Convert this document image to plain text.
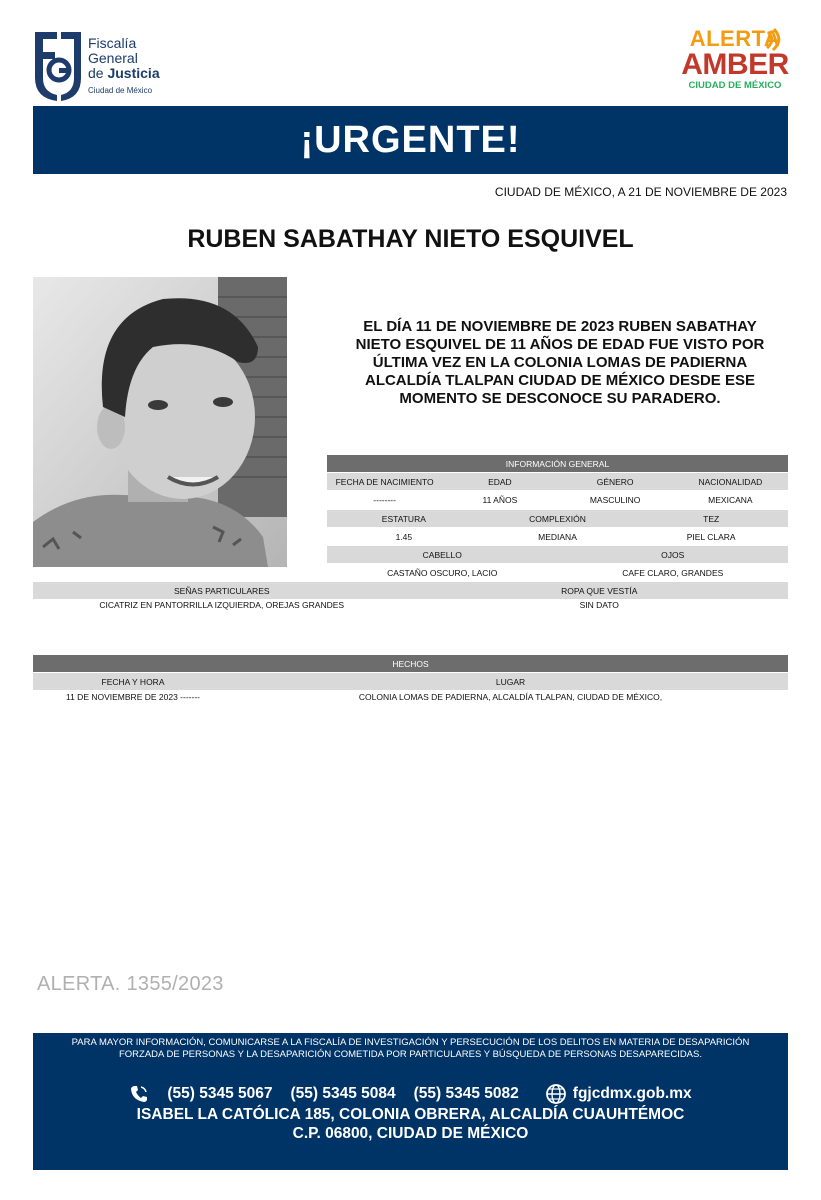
Fiscalía
General
de Justicia
Ciudad de México
ALERTA
AMBER
CIUDAD DE MÉXICO
¡URGENTE!
CIUDAD DE MÉXICO, A 21 DE NOVIEMBRE DE 2023
RUBEN SABATHAY NIETO ESQUIVEL
EL DÍA 11 DE NOVIEMBRE DE 2023 RUBEN SABATHAY NIETO ESQUIVEL DE 11 AÑOS DE EDAD FUE VISTO POR ÚLTIMA VEZ EN LA COLONIA LOMAS DE PADIERNA ALCALDÍA TLALPAN CIUDAD DE MÉXICO DESDE ESE MOMENTO SE DESCONOCE SU PARADERO.
INFORMACIÓN GENERAL
FECHA DE NACIMIENTO	EDAD	GÉNERO	NACIONALIDAD
--------	11 AÑOS	MASCULINO	MEXICANA
ESTATURA	COMPLEXIÓN	TEZ
1.45	MEDIANA	PIEL CLARA
CABELLO	OJOS
CASTAÑO OSCURO, LACIO	CAFE CLARO, GRANDES
SEÑAS PARTICULARES	ROPA QUE VESTÍA
CICATRIZ EN PANTORRILLA IZQUIERDA, OREJAS GRANDES	SIN DATO
HECHOS
FECHA Y HORA	LUGAR
11 DE NOVIEMBRE DE 2023 -------	COLONIA LOMAS DE PADIERNA, ALCALDÍA TLALPAN, CIUDAD DE MÉXICO,
ALERTA. 1355/2023
PARA MAYOR INFORMACIÓN, COMUNICARSE A LA FISCALÍA DE INVESTIGACIÓN Y PERSECUCIÓN DE LOS DELITOS EN MATERIA DE DESAPARICIÓN FORZADA DE PERSONAS Y LA DESAPARICIÓN COMETIDA POR PARTICULARES Y BÚSQUEDA DE PERSONAS DESAPARECIDAS.
(55) 5345 5067 (55) 5345 5084 (55) 5345 5082	fgjcdmx.gob.mx
ISABEL LA CATÓLICA 185, COLONIA OBRERA, ALCALDÍA CUAUHTÉMOC
C.P. 06800, CIUDAD DE MÉXICO
